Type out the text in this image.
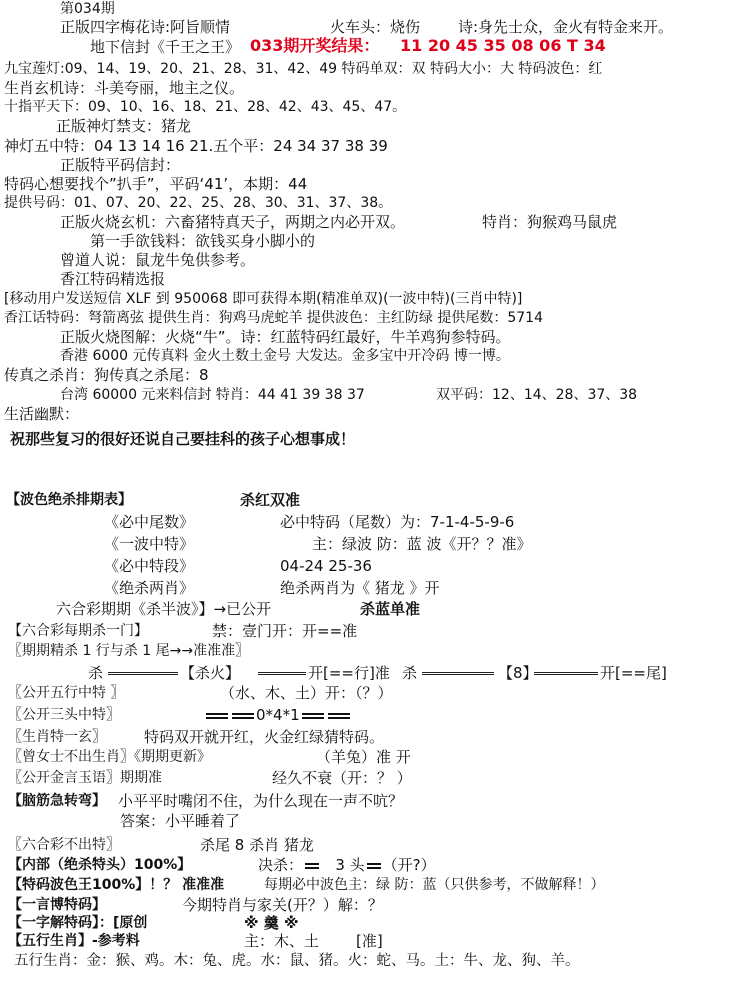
第034期
正版四字梅花诗:阿旨顺情	火车头：烧伤	诗:身先士众，金火有特金来开。
地下信封《千王之王》 033期开奖结果： 11 20 45 35 08 06 T 34
九宝莲灯:09、14、19、20、21、28、31、42、49 特码单双：双 特码大小：大 特码波色：红
生肖玄机诗：斗美夸丽，地主之仪。
十指平天下：09、10、16、18、21、28、42、43、45、47。
正版神灯禁支：猪龙
神灯五中特：04 13 14 16 21.五个平：24 34 37 38 39
正版特平码信封：
特码心想要找个”扒手”，平码‘41’，本期：44
提供号码：01、07、20、22、25、28、30、31、37、38。
正版火烧玄机：六畜猪特真天子，两期之内必开双。	特肖：狗猴鸡马鼠虎
第一手欲钱料：欲钱买身小脚小的
曾道人说：鼠龙牛兔供参考。
香江特码精选报
[移动用户发送短信 XLF 到 950068 即可获得本期(精准单双)(一波中特)(三肖中特)]
香江话特码：弩箭离弦 提供生肖：狗鸡马虎蛇羊 提供波色：主红防绿 提供尾数：5714
正版火烧图解：火烧“牛”。诗：红蓝特码红最好，牛羊鸡狗参特码。
香港 6000 元传真料 金火土数土金号 大发达。金多宝中开冷码 博一博。
传真之杀肖：狗传真之杀尾：8
台湾 60000 元来料信封 特肖：44 41 39 38 37	双平码：12、14、28、37、38
生活幽默：
祝那些复习的很好还说自己要挂科的孩子心想事成！
【波色绝杀排期表】	杀红双准
《必中尾数》	必中特码（尾数）为：7-1-4-5-9-6
《一波中特》	主：绿波 防：蓝 波《开？？准》
《必中特段》	04-24 25-36
《绝杀两肖》	绝杀两肖为《 猪龙 》开
六合彩期期《杀半波》】→已公开	杀蓝单准
【六合彩每期杀一门】	禁：壹门开：开==准
〖期期精杀 1 行与杀 1 尾→→准准准〗
杀	【杀火】	开[==行]准 杀	【8】	开[==尾]
〖公开五行中特 〗	（水、木、土）开：（？）
〖公开三头中特〗	0*4*1
〖生肖特一玄〗	特码双开就开红，火金红绿猜特码。
〖曾女士不出生肖〗《期期更新》	（羊兔）准 开
〖公开金言玉语〗期期准	经久不衰（开：？ ）
【脑筋急转弯】 小平平时嘴闭不住，为什么现在一声不吭？
答案：小平睡着了
〖六合彩不出特〗	杀尾 8 杀肖 猪龙
【内部（绝杀特头）100%】	决杀： 3 头 （开?）
【特码波色王100%】！？ 准准准	每期必中波色主：绿 防：蓝（只供参考，不做解释！）
【一言博特码】	今期特肖与家关(开？）解：？
【一字解特码】：[原创	※ 羹 ※
【五行生肖】-参考料	主：木、土 [准]
五行生肖：金：猴、鸡。木：兔、虎。水：鼠、猪。火：蛇、马。土：牛、龙、狗、羊。
